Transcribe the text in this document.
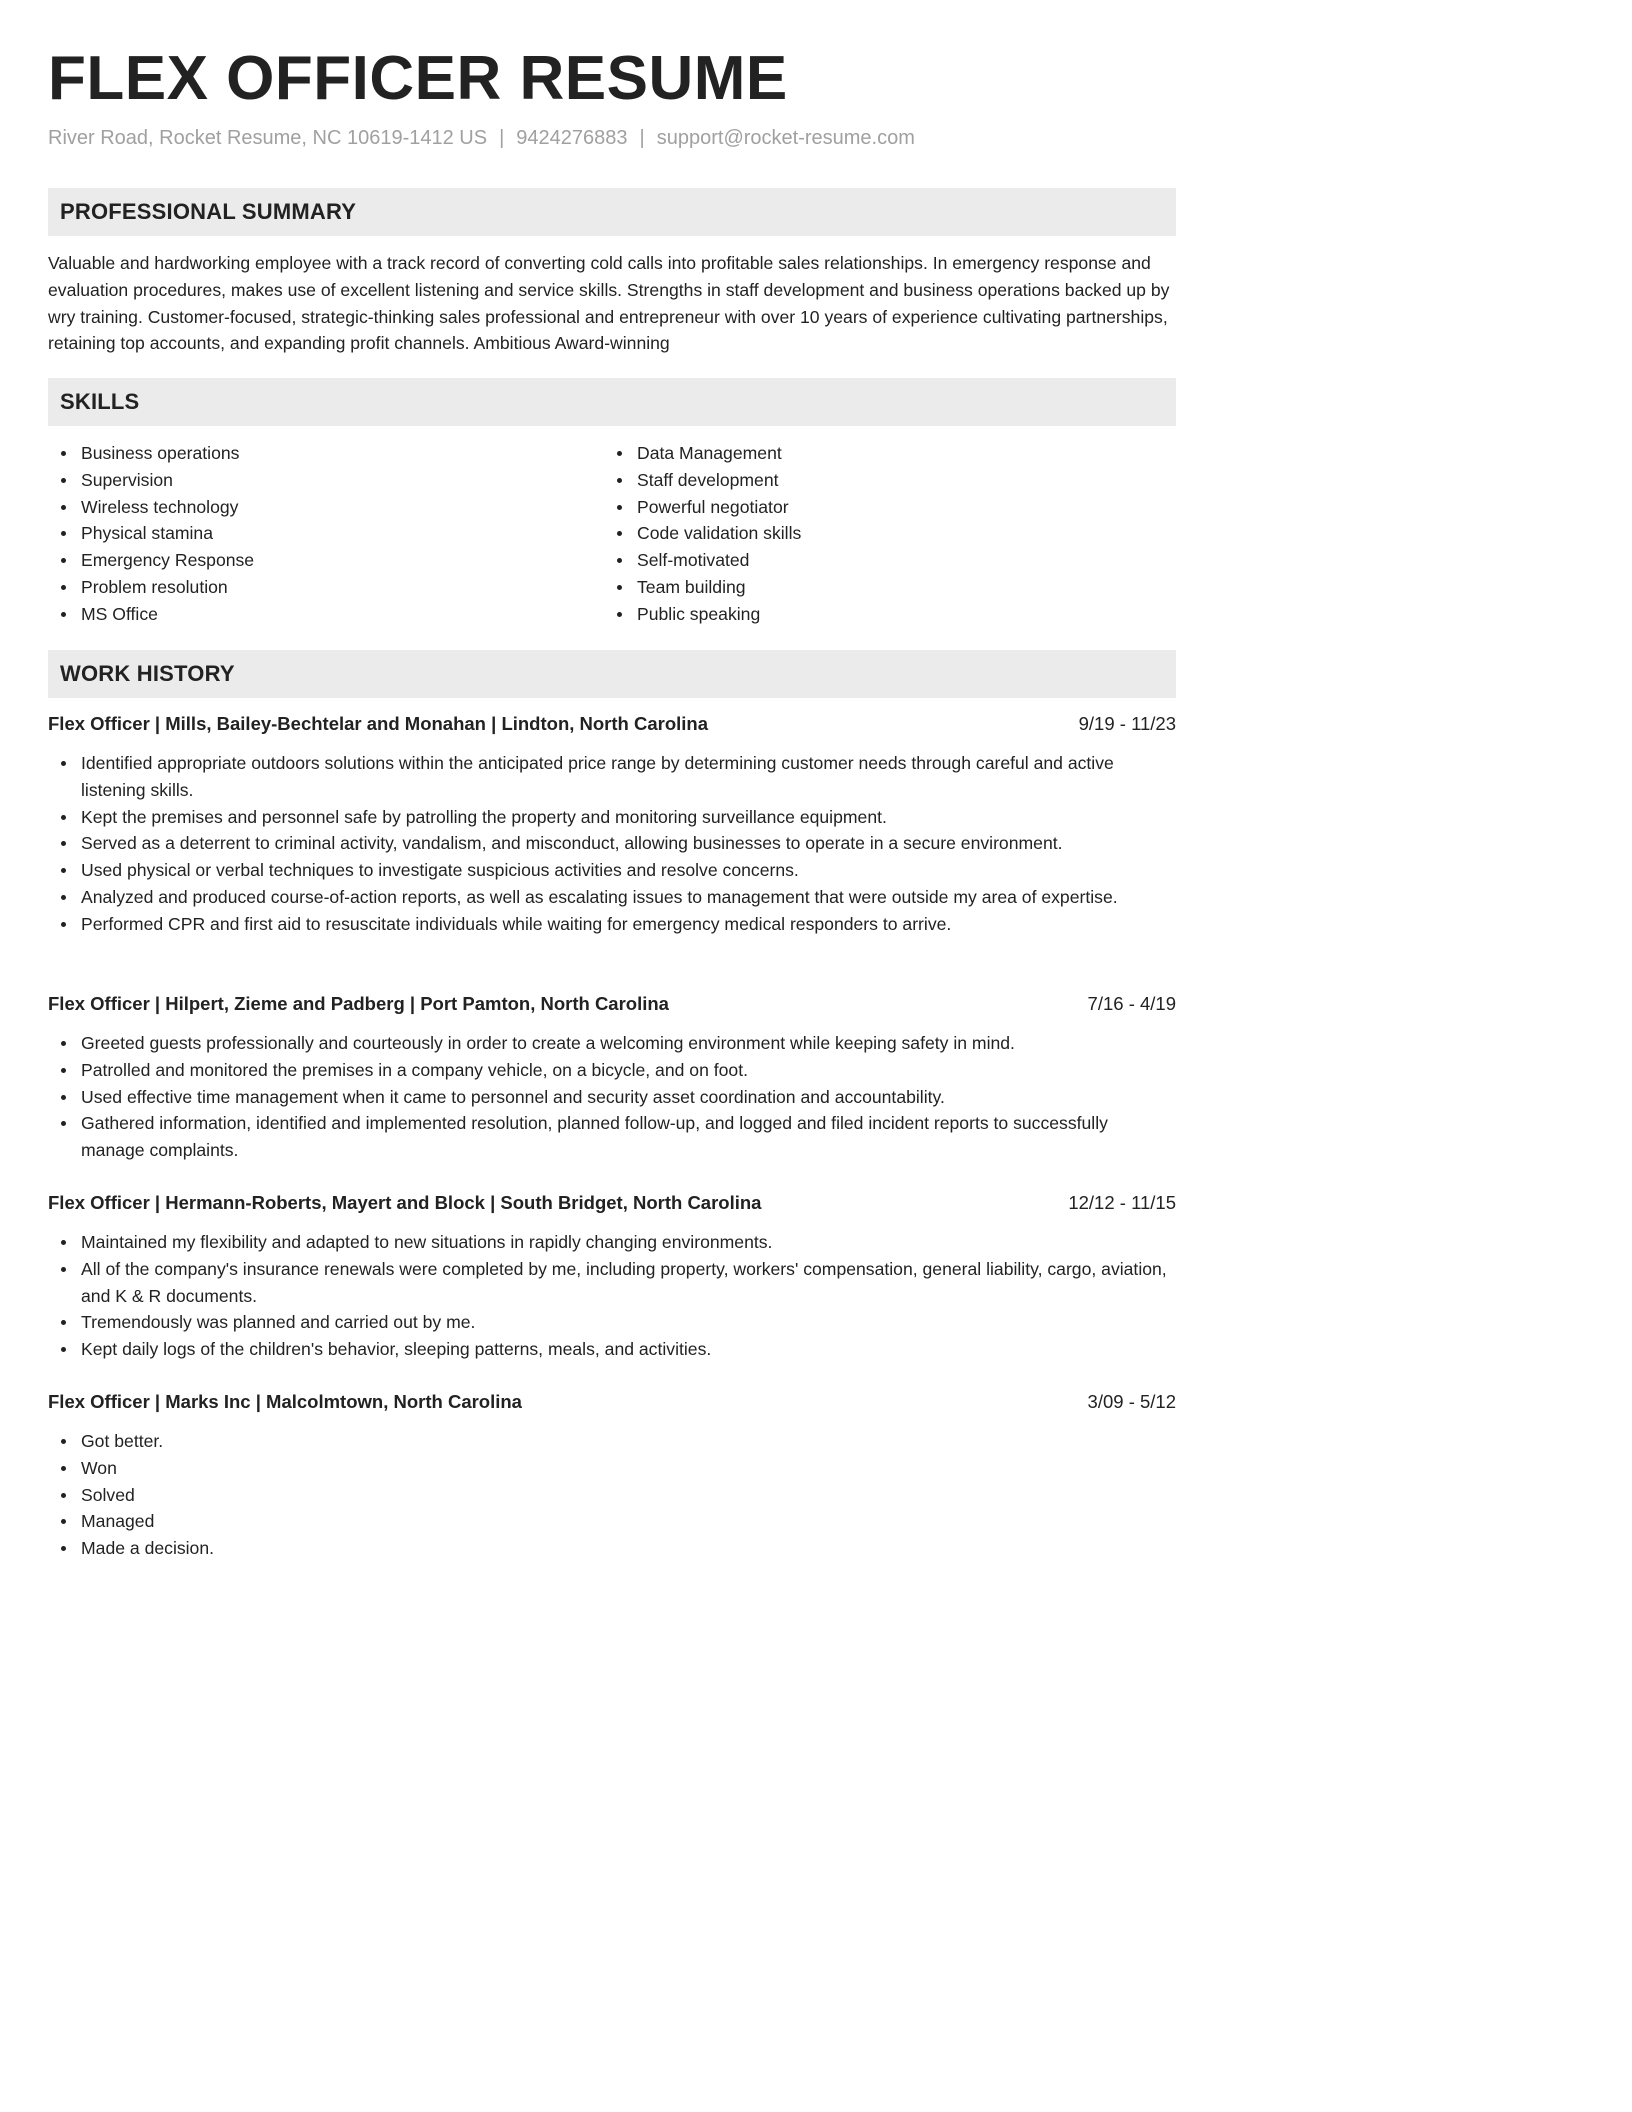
FLEX OFFICER RESUME
River Road, Rocket Resume, NC 10619-1412 US | 9424276883 | support@rocket-resume.com
PROFESSIONAL SUMMARY

Valuable and hardworking employee with a track record of converting cold calls into profitable sales relationships. In emergency response and evaluation procedures, makes use of excellent listening and service skills. Strengths in staff development and business operations backed up by wry training. Customer-focused, strategic-thinking sales professional and entrepreneur with over 10 years of experience cultivating partnerships, retaining top accounts, and expanding profit channels. Ambitious Award-winning

SKILLS
Business operations
Supervision
Wireless technology
Physical stamina
Emergency Response
Problem resolution
MS Office
Data Management
Staff development
Powerful negotiator
Code validation skills
Self-motivated
Team building
Public speaking
WORK HISTORY
Flex Officer | Mills, Bailey-Bechtelar and Monahan | Lindton, North Carolina	9/19 - 11/23
Identified appropriate outdoors solutions within the anticipated price range by determining customer needs through careful and active listening skills.
Kept the premises and personnel safe by patrolling the property and monitoring surveillance equipment.
Served as a deterrent to criminal activity, vandalism, and misconduct, allowing businesses to operate in a secure environment.
Used physical or verbal techniques to investigate suspicious activities and resolve concerns.
Analyzed and produced course-of-action reports, as well as escalating issues to management that were outside my area of expertise.
Performed CPR and first aid to resuscitate individuals while waiting for emergency medical responders to arrive.
Flex Officer | Hilpert, Zieme and Padberg | Port Pamton, North Carolina	7/16 - 4/19
Greeted guests professionally and courteously in order to create a welcoming environment while keeping safety in mind.
Patrolled and monitored the premises in a company vehicle, on a bicycle, and on foot.
Used effective time management when it came to personnel and security asset coordination and accountability.
Gathered information, identified and implemented resolution, planned follow-up, and logged and filed incident reports to successfully manage complaints.
Flex Officer | Hermann-Roberts, Mayert and Block | South Bridget, North Carolina	12/12 - 11/15
Maintained my flexibility and adapted to new situations in rapidly changing environments.
All of the company's insurance renewals were completed by me, including property, workers' compensation, general liability, cargo, aviation, and K & R documents.
Tremendously was planned and carried out by me.
Kept daily logs of the children's behavior, sleeping patterns, meals, and activities.
Flex Officer | Marks Inc | Malcolmtown, North Carolina	3/09 - 5/12
Got better.
Won
Solved
Managed
Made a decision.
